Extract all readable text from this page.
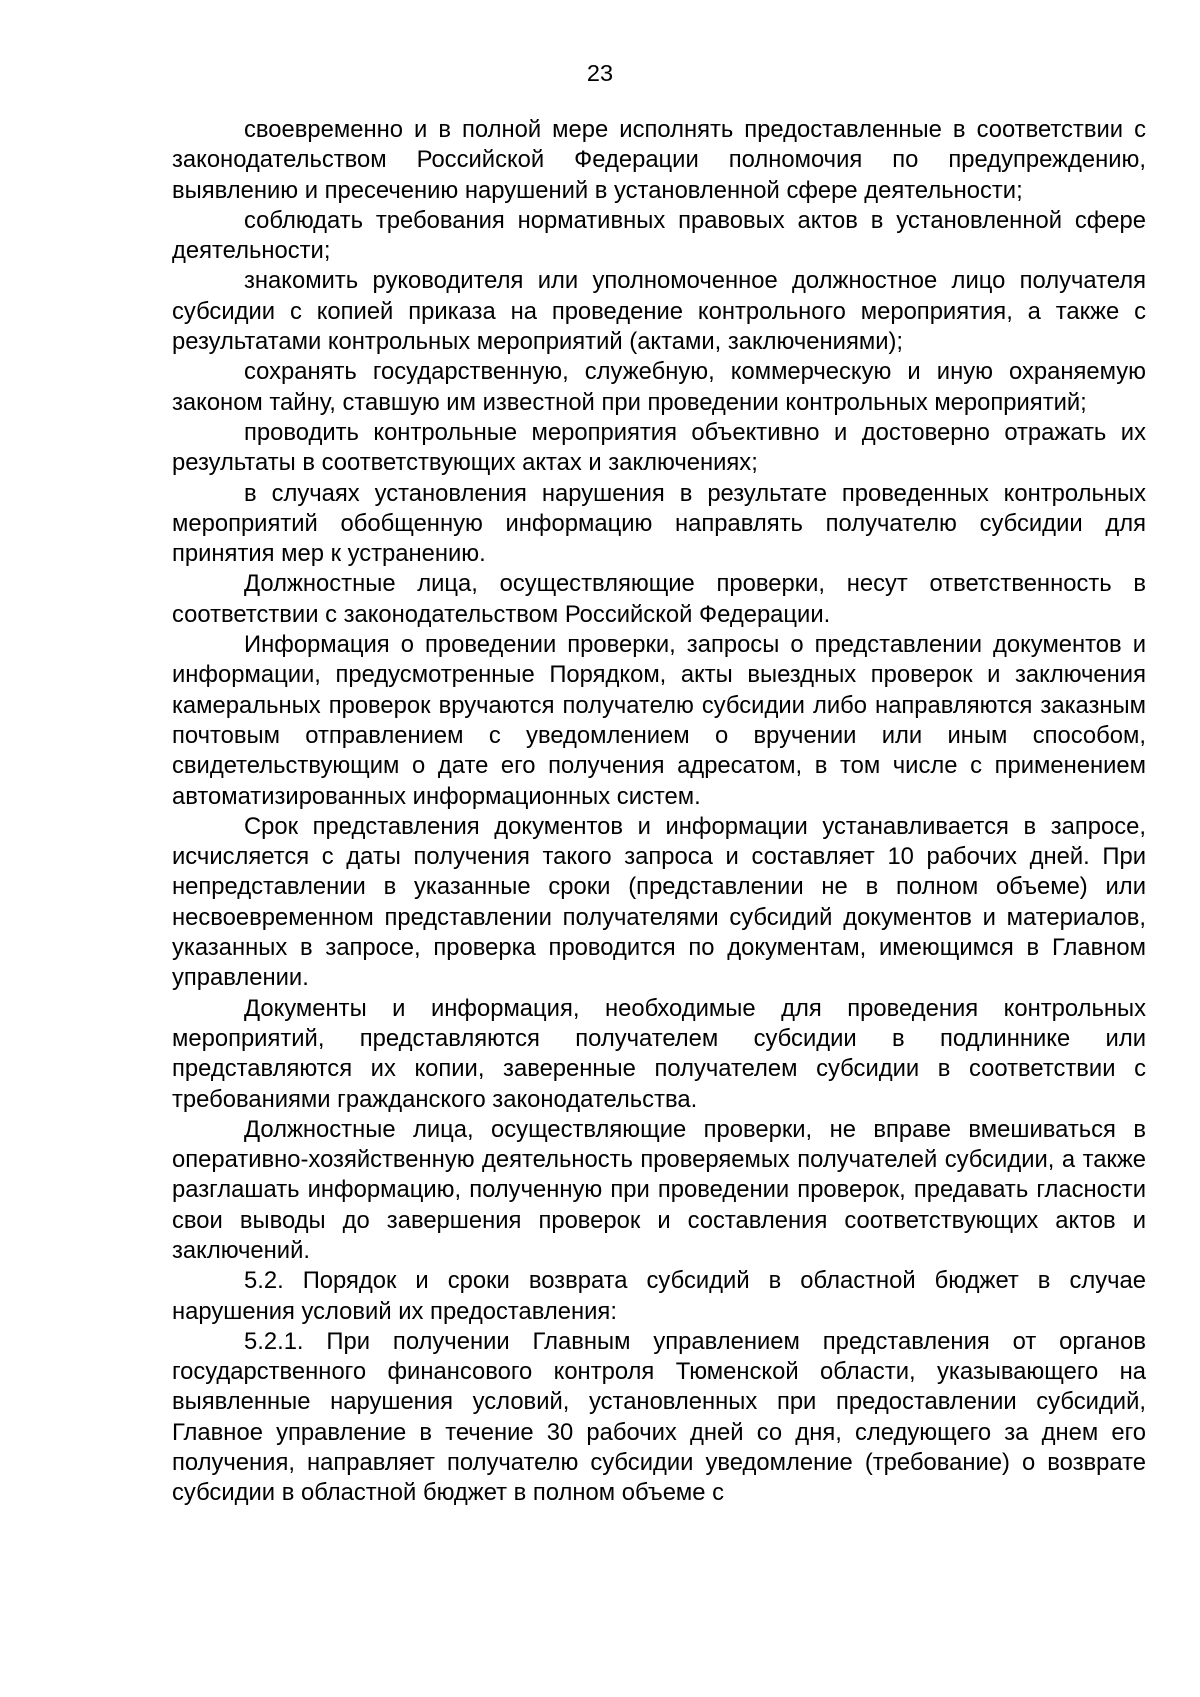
23

своевременно и в полной мере исполнять предоставленные в соответствии с законодательством Российской Федерации полномочия по предупреждению, выявлению и пресечению нарушений в установленной сфере деятельности;

соблюдать требования нормативных правовых актов в установленной сфере деятельности;

знакомить руководителя или уполномоченное должностное лицо получателя субсидии с копией приказа на проведение контрольного мероприятия, а также с результатами контрольных мероприятий (актами, заключениями);

сохранять государственную, служебную, коммерческую и иную охраняемую законом тайну, ставшую им известной при проведении контрольных мероприятий;

проводить контрольные мероприятия объективно и достоверно отражать их результаты в соответствующих актах и заключениях;

в случаях установления нарушения в результате проведенных контрольных мероприятий обобщенную информацию направлять получателю субсидии для принятия мер к устранению.

Должностные лица, осуществляющие проверки, несут ответственность в соответствии с законодательством Российской Федерации.

Информация о проведении проверки, запросы о представлении документов и информации, предусмотренные Порядком, акты выездных проверок и заключения камеральных проверок вручаются получателю субсидии либо направляются заказным почтовым отправлением с уведомлением о вручении или иным способом, свидетельствующим о дате его получения адресатом, в том числе с применением автоматизированных информационных систем.

Срок представления документов и информации устанавливается в запросе, исчисляется с даты получения такого запроса и составляет 10 рабочих дней. При непредставлении в указанные сроки (представлении не в полном объеме) или несвоевременном представлении получателями субсидий документов и материалов, указанных в запросе, проверка проводится по документам, имеющимся в Главном управлении.

Документы и информация, необходимые для проведения контрольных мероприятий, представляются получателем субсидии в подлиннике или представляются их копии, заверенные получателем субсидии в соответствии с требованиями гражданского законодательства.

Должностные лица, осуществляющие проверки, не вправе вмешиваться в оперативно-хозяйственную деятельность проверяемых получателей субсидии, а также разглашать информацию, полученную при проведении проверок, предавать гласности свои выводы до завершения проверок и составления соответствующих актов и заключений.

5.2. Порядок и сроки возврата субсидий в областной бюджет в случае нарушения условий их предоставления:

5.2.1. При получении Главным управлением представления от органов государственного финансового контроля Тюменской области, указывающего на выявленные нарушения условий, установленных при предоставлении субсидий, Главное управление в течение 30 рабочих дней со дня, следующего за днем его получения, направляет получателю субсидии уведомление (требование) о возврате субсидии в областной бюджет в полном объеме с
